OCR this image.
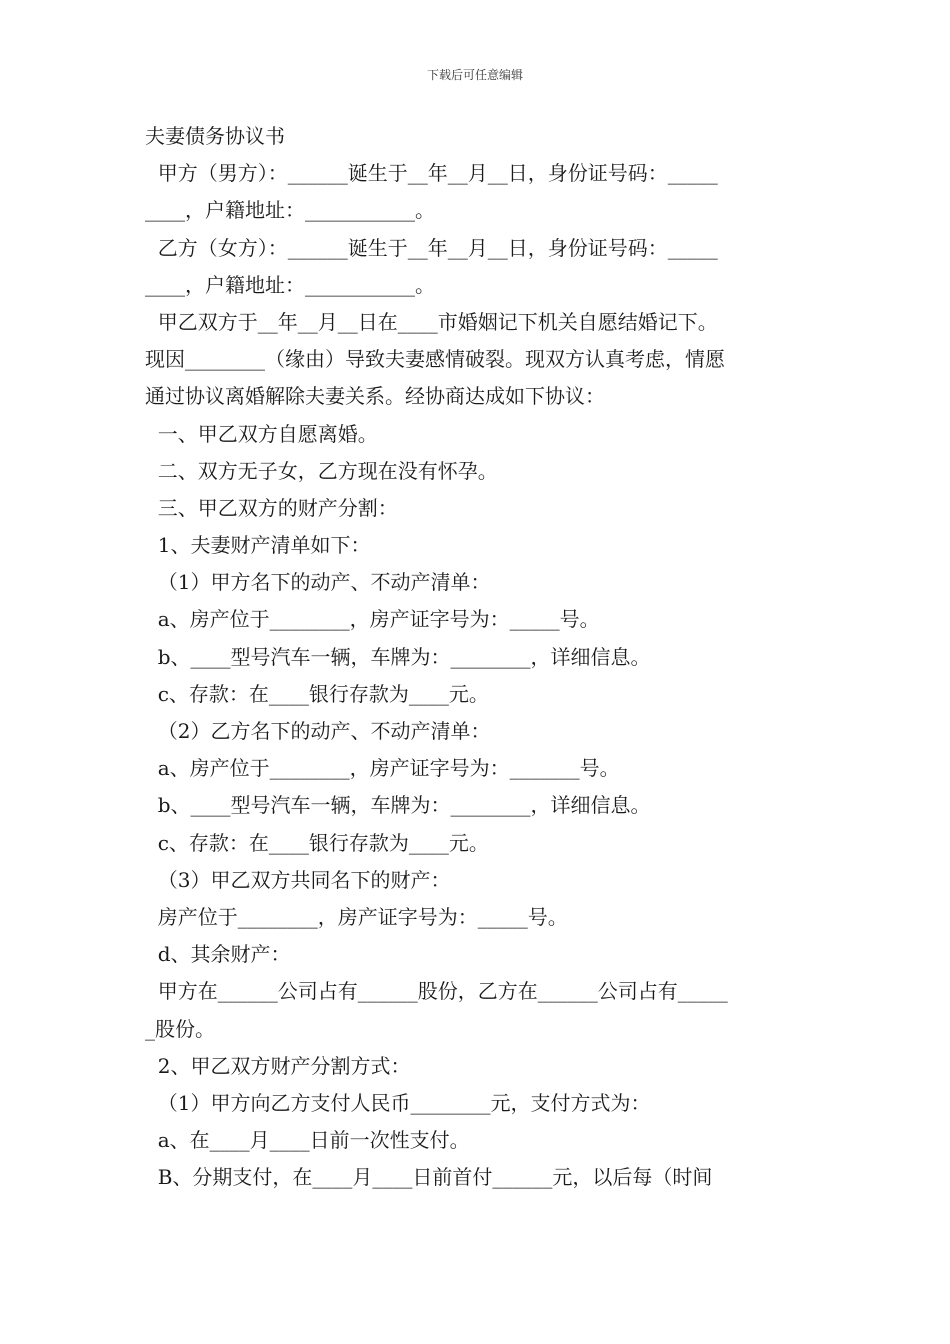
下载后可任意编辑
夫妻债务协议书
甲方（男方）：______诞生于__年__月__日，身份证号码：_____
____，户籍地址：___________。
乙方（女方）：______诞生于__年__月__日，身份证号码：_____
____，户籍地址：___________。
甲乙双方于__年__月__日在____市婚姻记下机关自愿结婚记下。
现因________（缘由）导致夫妻感情破裂。现双方认真考虑，情愿
通过协议离婚解除夫妻关系。经协商达成如下协议：
一、甲乙双方自愿离婚。
二、双方无子女，乙方现在没有怀孕。
三、甲乙双方的财产分割：
1、夫妻财产清单如下：
（1）甲方名下的动产、不动产清单：
a、房产位于________，房产证字号为：_____号。
b、____型号汽车一辆，车牌为：________，详细信息。
c、存款：在____银行存款为____元。
（2）乙方名下的动产、不动产清单：
a、房产位于________，房产证字号为：_______号。
b、____型号汽车一辆，车牌为：________，详细信息。
c、存款：在____银行存款为____元。
（3）甲乙双方共同名下的财产：
房产位于________，房产证字号为：_____号。
d、其余财产：
甲方在______公司占有______股份，乙方在______公司占有_____
_股份。
2、甲乙双方财产分割方式：
（1）甲方向乙方支付人民币________元，支付方式为：
a、在____月____日前一次性支付。
B、分期支付，在____月____日前首付______元，以后每（时间
